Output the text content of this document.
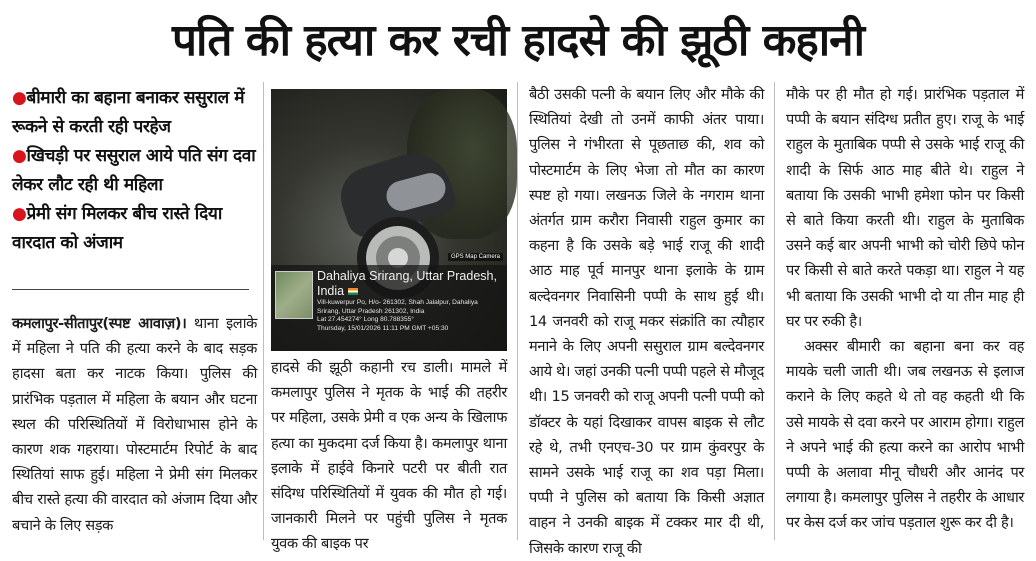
पति की हत्या कर रची हादसे की झूठी कहानी
●बीमारी का बहाना बनाकर ससुराल में रूकने से करती रही परहेज
●खिचड़ी पर ससुराल आये पति संग दवा लेकर लौट रही थी महिला
●प्रेमी संग मिलकर बीच रास्ते दिया वारदात को अंजाम

कमलापुर-सीतापुर(स्पष्ट आवाज़)। थाना इलाके में महिला ने पति की हत्या करने के बाद सड़क हादसा बता कर नाटक किया। पुलिस की प्रारंभिक पड़ताल में महिला के बयान और घटना स्थल की परिस्थितियों में विरोधाभास होने के कारण शक गहराया। पोस्टमार्टम रिपोर्ट के बाद स्थितियां साफ हुई। महिला ने प्रेमी संग मिलकर बीच रास्ते हत्या की वारदात को अंजाम दिया और बचाने के लिए सड़क

GPS Map Camera
Dahaliya Srirang, Uttar Pradesh, India
Vill-kuwerpur Po, H/o- 261302, Shah Jalalpur, Dahaliya Srirang, Uttar Pradesh 261302, India
Lat 27.454274° Long 80.788355°
Thursday, 15/01/2026 11:11 PM GMT +05:30

हादसे की झूठी कहानी रच डाली। मामले में कमलापुर पुलिस ने मृतक के भाई की तहरीर पर महिला, उसके प्रेमी व एक अन्य के खिलाफ हत्या का मुकदमा दर्ज किया है। कमलापुर थाना इलाके में हाईवे किनारे पटरी पर बीती रात संदिग्ध परिस्थितियों में युवक की मौत हो गई। जानकारी मिलने पर पहुंची पुलिस ने मृतक युवक की बाइक पर

बैठी उसकी पत्नी के बयान लिए और मौके की स्थितियां देखी तो उनमें काफी अंतर पाया। पुलिस ने गंभीरता से पूछताछ की, शव को पोस्टमार्टम के लिए भेजा तो मौत का कारण स्पष्ट हो गया। लखनऊ जिले के नगराम थाना अंतर्गत ग्राम करौरा निवासी राहुल कुमार का कहना है कि उसके बड़े भाई राजू की शादी आठ माह पूर्व मानपुर थाना इलाके के ग्राम बल्देवनगर निवासिनी पप्पी के साथ हुई थी। 14 जनवरी को राजू मकर संक्रांति का त्यौहार मनाने के लिए अपनी ससुराल ग्राम बल्देवनगर आये थे। जहां उनकी पत्नी पप्पी पहले से मौजूद थी। 15 जनवरी को राजू अपनी पत्नी पप्पी को डॉक्टर के यहां दिखाकर वापस बाइक से लौट रहे थे, तभी एनएच-30 पर ग्राम कुंवरपुर के सामने उसके भाई राजू का शव पड़ा मिला। पप्पी ने पुलिस को बताया कि किसी अज्ञात वाहन ने उनकी बाइक में टक्कर मार दी थी, जिसके कारण राजू की

मौके पर ही मौत हो गई। प्रारंभिक पड़ताल में पप्पी के बयान संदिग्ध प्रतीत हुए। राजू के भाई राहुल के मुताबिक पप्पी से उसके भाई राजू की शादी के सिर्फ आठ माह बीते थे। राहुल ने बताया कि उसकी भाभी हमेशा फोन पर किसी से बाते किया करती थी। राहुल के मुताबिक उसने कई बार अपनी भाभी को चोरी छिपे फोन पर किसी से बाते करते पकड़ा था। राहुल ने यह भी बताया कि उसकी भाभी दो या तीन माह ही घर पर रुकी है।

अक्सर बीमारी का बहाना बना कर वह मायके चली जाती थी। जब लखनऊ से इलाज कराने के लिए कहते थे तो वह कहती थी कि उसे मायके से दवा करने पर आराम होगा। राहुल ने अपने भाई की हत्या करने का आरोप भाभी पप्पी के अलावा मीनू चौधरी और आनंद पर लगाया है। कमलापुर पुलिस ने तहरीर के आधार पर केस दर्ज कर जांच पड़ताल शुरू कर दी है।
